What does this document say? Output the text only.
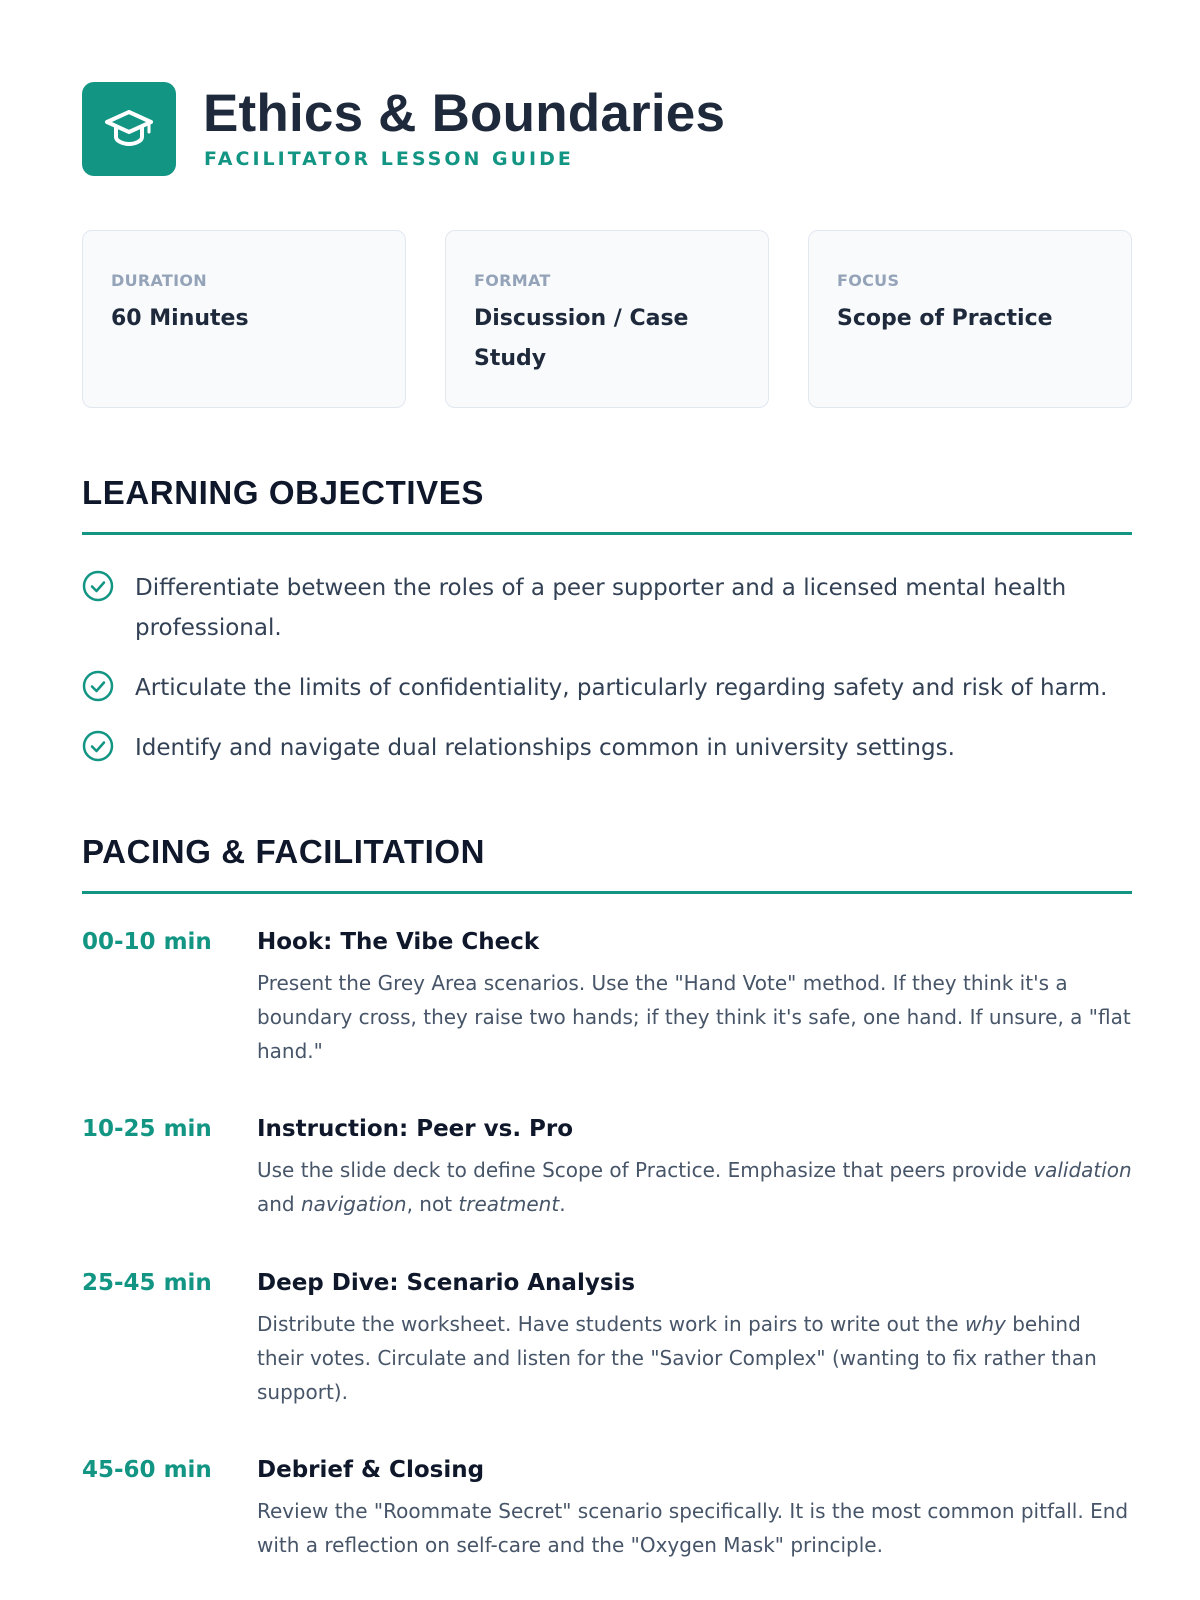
Ethics & Boundaries
FACILITATOR LESSON GUIDE
DURATION
60 Minutes
FORMAT
Discussion / Case Study
FOCUS
Scope of Practice
LEARNING OBJECTIVES
Differentiate between the roles of a peer supporter and a licensed mental health professional.
Articulate the limits of confidentiality, particularly regarding safety and risk of harm.
Identify and navigate dual relationships common in university settings.
PACING & FACILITATION
00-10 min Hook: The Vibe Check
Present the Grey Area scenarios. Use the "Hand Vote" method. If they think it's a boundary cross, they raise two hands; if they think it's safe, one hand. If unsure, a "flat hand."
10-25 min Instruction: Peer vs. Pro
Use the slide deck to define Scope of Practice. Emphasize that peers provide validation and navigation, not treatment.
25-45 min Deep Dive: Scenario Analysis
Distribute the worksheet. Have students work in pairs to write out the why behind their votes. Circulate and listen for the "Savior Complex" (wanting to fix rather than support).
45-60 min Debrief & Closing
Review the "Roommate Secret" scenario specifically. It is the most common pitfall. End with a reflection on self-care and the "Oxygen Mask" principle.
